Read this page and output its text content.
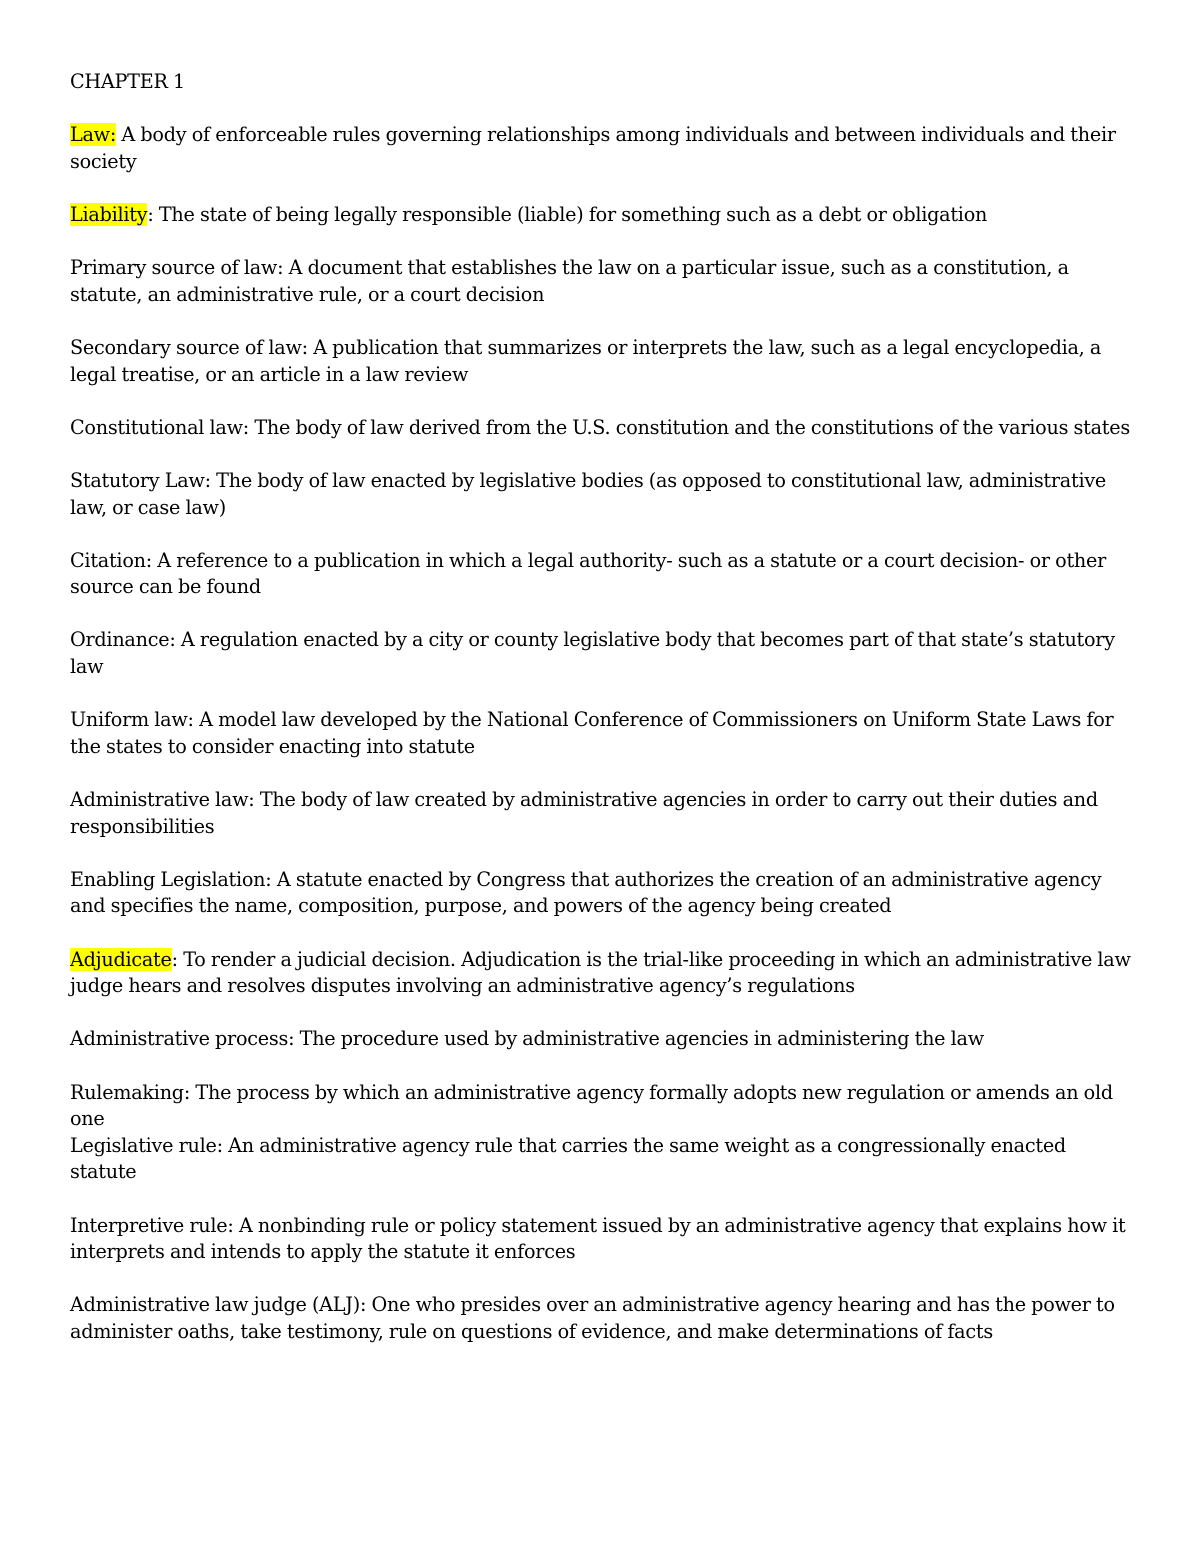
CHAPTER 1

Law: A body of enforceable rules governing relationships among individuals and between individuals and their society

Liability: The state of being legally responsible (liable) for something such as a debt or obligation

Primary source of law: A document that establishes the law on a particular issue, such as a constitution, a statute, an administrative rule, or a court decision

Secondary source of law: A publication that summarizes or interprets the law, such as a legal encyclopedia, a legal treatise, or an article in a law review

Constitutional law: The body of law derived from the U.S. constitution and the constitutions of the various states

Statutory Law: The body of law enacted by legislative bodies (as opposed to constitutional law, administrative law, or case law)

Citation: A reference to a publication in which a legal authority- such as a statute or a court decision- or other source can be found

Ordinance: A regulation enacted by a city or county legislative body that becomes part of that state’s statutory law

Uniform law: A model law developed by the National Conference of Commissioners on Uniform State Laws for the states to consider enacting into statute

Administrative law: The body of law created by administrative agencies in order to carry out their duties and responsibilities

Enabling Legislation: A statute enacted by Congress that authorizes the creation of an administrative agency and specifies the name, composition, purpose, and powers of the agency being created

Adjudicate: To render a judicial decision. Adjudication is the trial-like proceeding in which an administrative law judge hears and resolves disputes involving an administrative agency’s regulations

Administrative process: The procedure used by administrative agencies in administering the law

Rulemaking: The process by which an administrative agency formally adopts new regulation or amends an old one

Legislative rule: An administrative agency rule that carries the same weight as a congressionally enacted statute

Interpretive rule: A nonbinding rule or policy statement issued by an administrative agency that explains how it interprets and intends to apply the statute it enforces

Administrative law judge (ALJ): One who presides over an administrative agency hearing and has the power to administer oaths, take testimony, rule on questions of evidence, and make determinations of facts
